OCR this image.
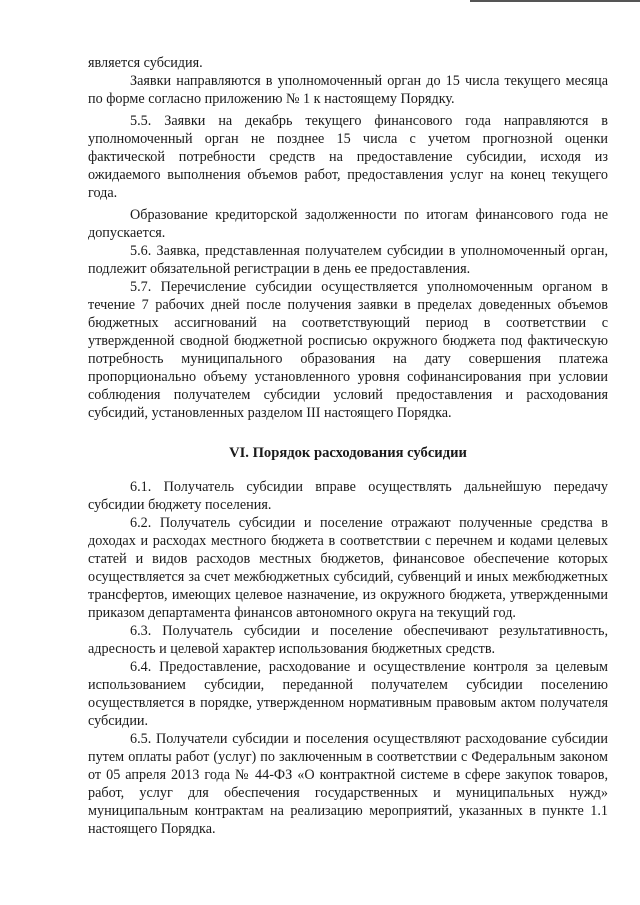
является субсидия.

Заявки направляются в уполномоченный орган до 15 числа текущего месяца по форме согласно приложению № 1 к настоящему Порядку.

5.5. Заявки на декабрь текущего финансового года направляются в уполномоченный орган не позднее 15 числа с учетом прогнозной оценки фактической потребности средств на предоставление субсидии, исходя из ожидаемого выполнения объемов работ, предоставления услуг на конец текущего года.

Образование кредиторской задолженности по итогам финансового года не допускается.

5.6. Заявка, представленная получателем субсидии в уполномоченный орган, подлежит обязательной регистрации в день ее предоставления.

5.7. Перечисление субсидии осуществляется уполномоченным органом в течение 7 рабочих дней после получения заявки в пределах доведенных объемов бюджетных ассигнований на соответствующий период в соответствии с утвержденной сводной бюджетной росписью окружного бюджета под фактическую потребность муниципального образования на дату совершения платежа пропорционально объему установленного уровня софинансирования при условии соблюдения получателем субсидии условий предоставления и расходования субсидий, установленных разделом III настоящего Порядка.

VI. Порядок расходования субсидии

6.1. Получатель субсидии вправе осуществлять дальнейшую передачу субсидии бюджету поселения.

6.2. Получатель субсидии и поселение отражают полученные средства в доходах и расходах местного бюджета в соответствии с перечнем и кодами целевых статей и видов расходов местных бюджетов, финансовое обеспечение которых осуществляется за счет межбюджетных субсидий, субвенций и иных межбюджетных трансфертов, имеющих целевое назначение, из окружного бюджета, утвержденными приказом департамента финансов автономного округа на текущий год.

6.3. Получатель субсидии и поселение обеспечивают результативность, адресность и целевой характер использования бюджетных средств.

6.4. Предоставление, расходование и осуществление контроля за целевым использованием субсидии, переданной получателем субсидии поселению осуществляется в порядке, утвержденном нормативным правовым актом получателя субсидии.

6.5. Получатели субсидии и поселения осуществляют расходование субсидии путем оплаты работ (услуг) по заключенным в соответствии с Федеральным законом от 05 апреля 2013 года № 44-ФЗ «О контрактной системе в сфере закупок товаров, работ, услуг для обеспечения государственных и муниципальных нужд» муниципальным контрактам на реализацию мероприятий, указанных в пункте 1.1 настоящего Порядка.
